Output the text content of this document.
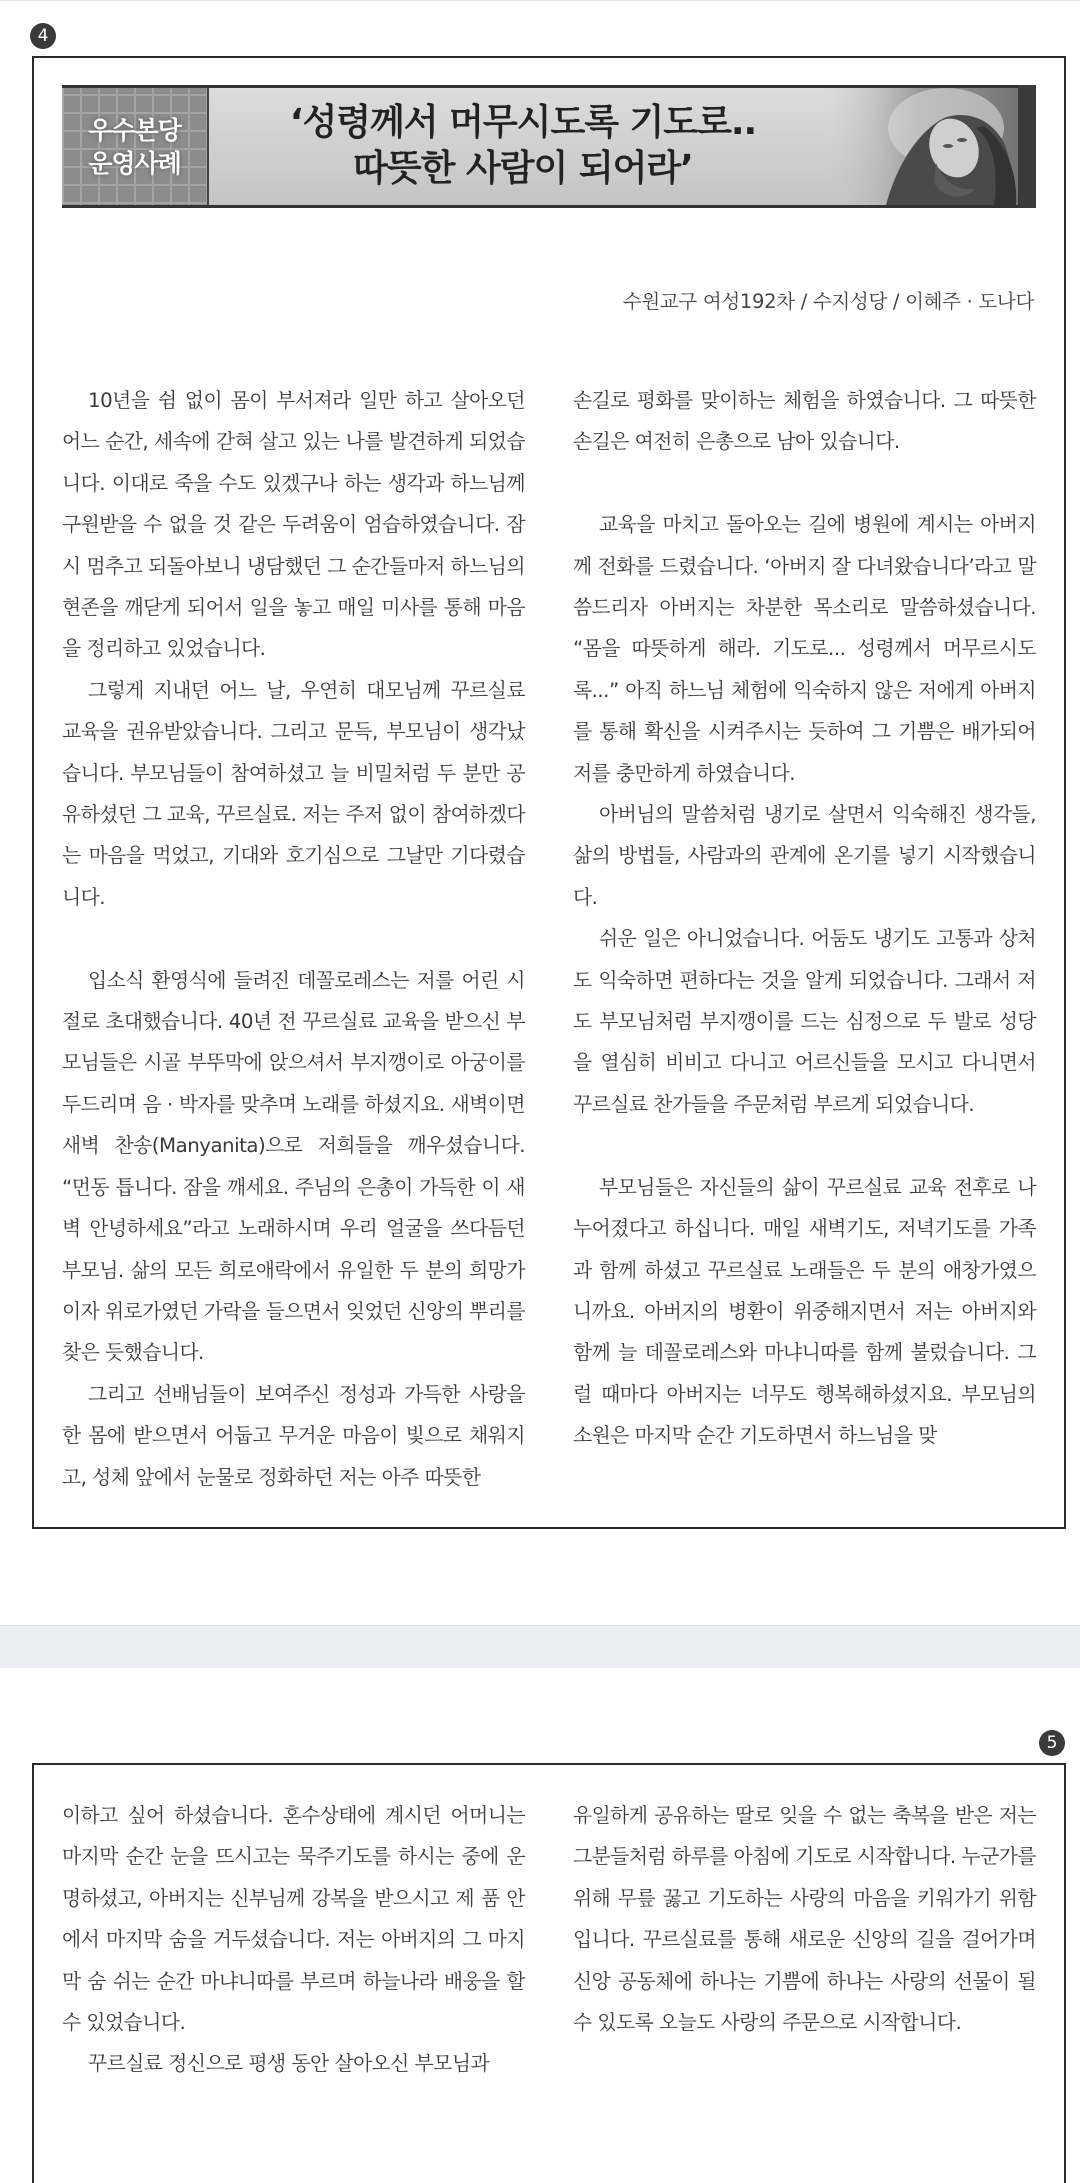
4
우수본당
운영사례
‘성령께서 머무시도록 기도로..
따뜻한 사람이 되어라’
수원교구 여성192차 / 수지성당 / 이혜주 · 도나다

10년을 쉼 없이 몸이 부서져라 일만 하고 살아오던 어느 순간, 세속에 갇혀 살고 있는 나를 발견하게 되었습니다. 이대로 죽을 수도 있겠구나 하는 생각과 하느님께 구원받을 수 없을 것 같은 두려움이 엄습하였습니다. 잠시 멈추고 되돌아보니 냉담했던 그 순간들마저 하느님의 현존을 깨닫게 되어서 일을 놓고 매일 미사를 통해 마음을 정리하고 있었습니다.

그렇게 지내던 어느 날, 우연히 대모님께 꾸르실료 교육을 권유받았습니다. 그리고 문득, 부모님이 생각났습니다. 부모님들이 참여하셨고 늘 비밀처럼 두 분만 공유하셨던 그 교육, 꾸르실료. 저는 주저 없이 참여하겠다는 마음을 먹었고, 기대와 호기심으로 그날만 기다렸습니다.

입소식 환영식에 들려진 데꼴로레스는 저를 어린 시절로 초대했습니다. 40년 전 꾸르실료 교육을 받으신 부모님들은 시골 부뚜막에 앉으셔서 부지깽이로 아궁이를 두드리며 음 · 박자를 맞추며 노래를 하셨지요. 새벽이면 새벽 찬송(Manyanita)으로 저희들을 깨우셨습니다. “먼동 틉니다. 잠을 깨세요. 주님의 은총이 가득한 이 새벽 안녕하세요”라고 노래하시며 우리 얼굴을 쓰다듬던 부모님. 삶의 모든 희로애락에서 유일한 두 분의 희망가이자 위로가였던 가락을 들으면서 잊었던 신앙의 뿌리를 찾은 듯했습니다.

그리고 선배님들이 보여주신 정성과 가득한 사랑을 한 몸에 받으면서 어둡고 무거운 마음이 빛으로 채워지고, 성체 앞에서 눈물로 정화하던 저는 아주 따뜻한

손길로 평화를 맞이하는 체험을 하였습니다. 그 따뜻한 손길은 여전히 은총으로 남아 있습니다.

교육을 마치고 돌아오는 길에 병원에 계시는 아버지께 전화를 드렸습니다. ‘아버지 잘 다녀왔습니다’라고 말씀드리자 아버지는 차분한 목소리로 말씀하셨습니다. “몸을 따뜻하게 해라. 기도로... 성령께서 머무르시도록...” 아직 하느님 체험에 익숙하지 않은 저에게 아버지를 통해 확신을 시켜주시는 듯하여 그 기쁨은 배가되어 저를 충만하게 하였습니다.

아버님의 말씀처럼 냉기로 살면서 익숙해진 생각들, 삶의 방법들, 사람과의 관계에 온기를 넣기 시작했습니다.

쉬운 일은 아니었습니다. 어둠도 냉기도 고통과 상처도 익숙하면 편하다는 것을 알게 되었습니다. 그래서 저도 부모님처럼 부지깽이를 드는 심정으로 두 발로 성당을 열심히 비비고 다니고 어르신들을 모시고 다니면서 꾸르실료 찬가들을 주문처럼 부르게 되었습니다.

부모님들은 자신들의 삶이 꾸르실료 교육 전후로 나누어졌다고 하십니다. 매일 새벽기도, 저녁기도를 가족과 함께 하셨고 꾸르실료 노래들은 두 분의 애창가였으니까요. 아버지의 병환이 위중해지면서 저는 아버지와 함께 늘 데꼴로레스와 마냐니따를 함께 불렀습니다. 그럴 때마다 아버지는 너무도 행복해하셨지요. 부모님의 소원은 마지막 순간 기도하면서 하느님을 맞

5

이하고 싶어 하셨습니다. 혼수상태에 계시던 어머니는 마지막 순간 눈을 뜨시고는 묵주기도를 하시는 중에 운명하셨고, 아버지는 신부님께 강복을 받으시고 제 품 안에서 마지막 숨을 거두셨습니다. 저는 아버지의 그 마지막 숨 쉬는 순간 마냐니따를 부르며 하늘나라 배웅을 할 수 있었습니다.

꾸르실료 정신으로 평생 동안 살아오신 부모님과

유일하게 공유하는 딸로 잊을 수 없는 축복을 받은 저는 그분들처럼 하루를 아침에 기도로 시작합니다. 누군가를 위해 무릎 꿇고 기도하는 사랑의 마음을 키워가기 위함입니다. 꾸르실료를 통해 새로운 신앙의 길을 걸어가며 신앙 공동체에 하나는 기쁨에 하나는 사랑의 선물이 될 수 있도록 오늘도 사랑의 주문으로 시작합니다.
